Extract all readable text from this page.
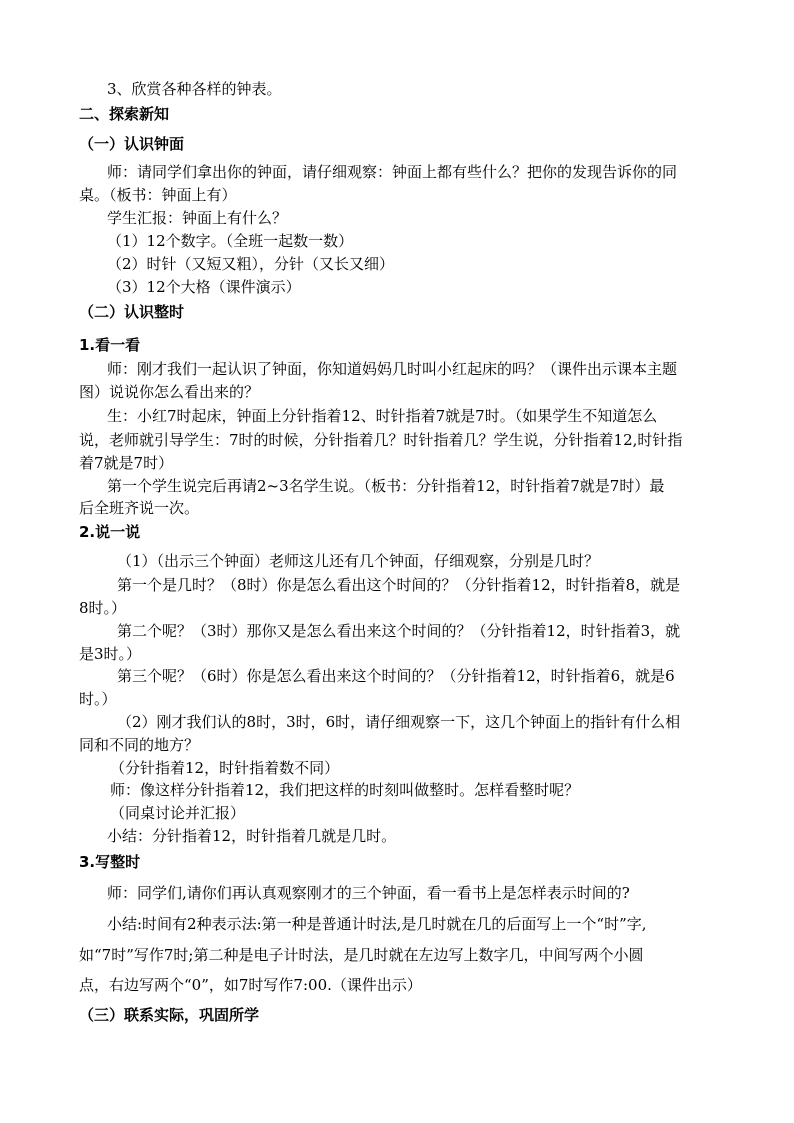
3、欣赏各种各样的钟表。
二、探索新知
（一）认识钟面
师：请同学们拿出你的钟面，请仔细观察：钟面上都有些什么？把你的发现告诉你的同
桌。（板书：钟面上有）
学生汇报：钟面上有什么？
（1）12个数字。（全班一起数一数）
（2）时针（又短又粗），分针（又长又细）
（3）12个大格（课件演示）
（二）认识整时
1.看一看
师：刚才我们一起认识了钟面，你知道妈妈几时叫小红起床的吗？（课件出示课本主题
图）说说你怎么看出来的？
生：小红7时起床，钟面上分针指着12、时针指着7就是7时。（如果学生不知道怎么
说，老师就引导学生：7时的时候，分针指着几？时针指着几？学生说，分针指着12,时针指
着7就是7时）
第一个学生说完后再请2~3名学生说。（板书：分针指着12，时针指着7就是7时）最
后全班齐说一次。
2.说一说
（1）（出示三个钟面）老师这儿还有几个钟面，仔细观察，分别是几时？
第一个是几时？（8时）你是怎么看出这个时间的？（分针指着12，时针指着8，就是
8时。）
第二个呢？（3时）那你又是怎么看出来这个时间的？（分针指着12，时针指着3，就
是3时。）
第三个呢？（6时）你是怎么看出来这个时间的？（分针指着12，时针指着6，就是6
时。）
（2）刚才我们认的8时，3时，6时，请仔细观察一下，这几个钟面上的指针有什么相
同和不同的地方？
（分针指着12，时针指着数不同）
师：像这样分针指着12，我们把这样的时刻叫做整时。怎样看整时呢？
（同桌讨论并汇报）
小结：分针指着12，时针指着几就是几时。
3.写整时
师：同学们,请你们再认真观察刚才的三个钟面，看一看书上是怎样表示时间的?
小结:时间有2种表示法:第一种是普通计时法,是几时就在几的后面写上一个“时”字,
如“7时”写作7时;第二种是电子计时法，是几时就在左边写上数字几，中间写两个小圆
点，右边写两个“0”，如7时写作7:00.（课件出示）
（三）联系实际，巩固所学
